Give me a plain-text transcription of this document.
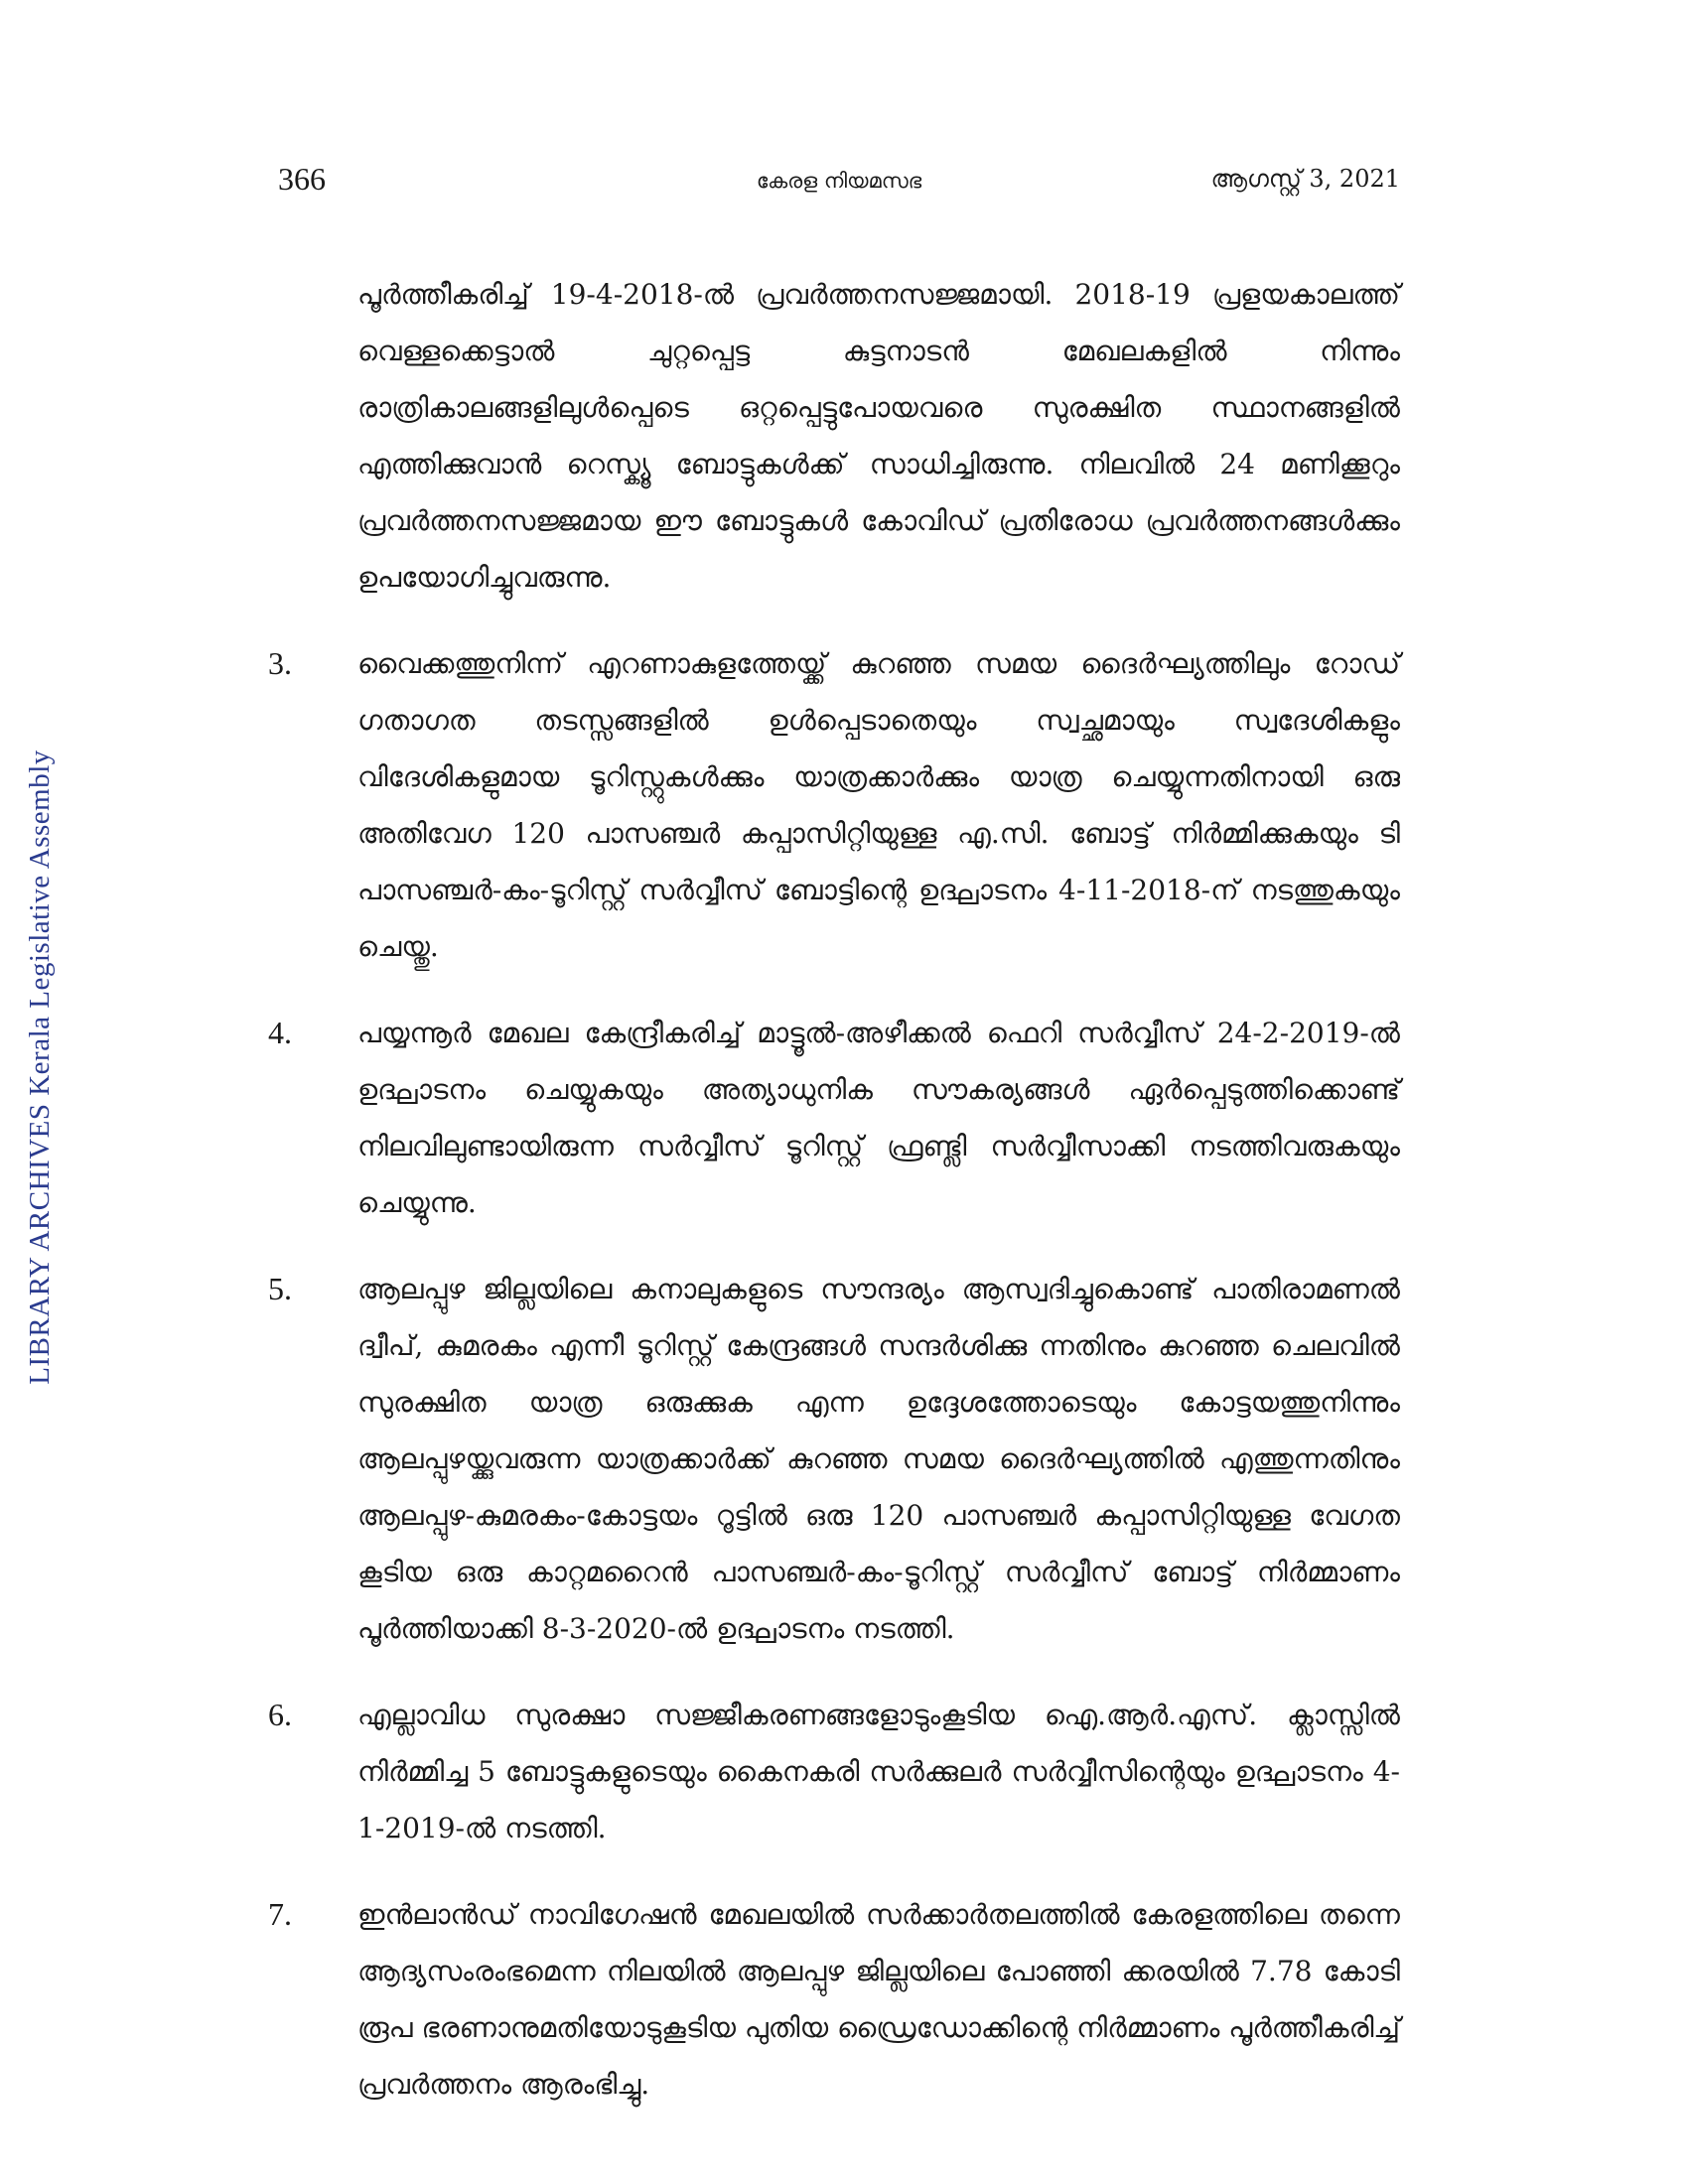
LIBRARY ARCHIVES Kerala Legislative Assembly
366	കേരള നിയമസഭ	ആഗസ്റ്റ് 3, 2021

പൂർത്തീകരിച്ച് 19-4-2018-ൽ പ്രവർത്തനസജ്ജമായി. 2018-19 പ്രളയകാലത്ത് വെള്ളക്കെട്ടാൽ ചുറ്റപ്പെട്ട കുട്ടനാടൻ മേഖലകളിൽ നിന്നും രാത്രികാലങ്ങളിലുൾപ്പെടെ ഒറ്റപ്പെട്ടുപോയവരെ സുരക്ഷിത സ്ഥാനങ്ങളിൽ എത്തിക്കുവാൻ റെസ്ക്യൂ ബോട്ടുകൾക്ക് സാധിച്ചിരുന്നു. നിലവിൽ 24 മണിക്കൂറും പ്രവർത്തനസജ്ജമായ ഈ ബോട്ടുകൾ കോവിഡ് പ്രതിരോധ പ്രവർത്തനങ്ങൾക്കും ഉപയോഗിച്ചുവരുന്നു.

3. വൈക്കത്തുനിന്ന് എറണാകുളത്തേയ്ക്ക് കുറഞ്ഞ സമയ ദൈർഘ്യത്തിലും റോഡ് ഗതാഗത തടസ്സങ്ങളിൽ ഉൾപ്പെടാതെയും സ്വച്ഛമായും സ്വദേശികളും വിദേശികളുമായ ടൂറിസ്റ്റുകൾക്കും യാത്രക്കാർക്കും യാത്ര ചെയ്യുന്നതിനായി ഒരു അതിവേഗ 120 പാസഞ്ചർ കപ്പാസിറ്റിയുള്ള എ.സി. ബോട്ട് നിർമ്മിക്കുകയും ടി പാസഞ്ചർ-കം-ടൂറിസ്റ്റ് സർവ്വീസ് ബോട്ടിന്റെ ഉദ്ഘാടനം 4-11-2018-ന് നടത്തുകയും ചെയ്തു.

4. പയ്യന്നൂർ മേഖല കേന്ദ്രീകരിച്ച് മാട്ടൂൽ-അഴീക്കൽ ഫെറി സർവ്വീസ് 24-2-2019-ൽ ഉദ്ഘാടനം ചെയ്യുകയും അത്യാധുനിക സൗകര്യങ്ങൾ ഏർപ്പെടുത്തിക്കൊണ്ട് നിലവിലുണ്ടായിരുന്ന സർവ്വീസ് ടൂറിസ്റ്റ് ഫ്രണ്ട്ലി സർവ്വീസാക്കി നടത്തിവരുകയും ചെയ്യുന്നു.

5. ആലപ്പുഴ ജില്ലയിലെ കനാലുകളുടെ സൗന്ദര്യം ആസ്വദിച്ചുകൊണ്ട് പാതിരാമണൽ ദ്വീപ്, കുമരകം എന്നീ ടൂറിസ്റ്റ് കേന്ദ്രങ്ങൾ സന്ദർശിക്കു ന്നതിനും കുറഞ്ഞ ചെലവിൽ സുരക്ഷിത യാത്ര ഒരുക്കുക എന്ന ഉദ്ദേശത്തോടെയും കോട്ടയത്തുനിന്നും ആലപ്പുഴയ്ക്കുവരുന്ന യാത്രക്കാർക്ക് കുറഞ്ഞ സമയ ദൈർഘ്യത്തിൽ എത്തുന്നതിനും ആലപ്പുഴ-കുമരകം-കോട്ടയം റൂട്ടിൽ ഒരു 120 പാസഞ്ചർ കപ്പാസിറ്റിയുള്ള വേഗത കൂടിയ ഒരു കാറ്റമറൈൻ പാസഞ്ചർ-കം-ടൂറിസ്റ്റ് സർവ്വീസ് ബോട്ട് നിർമ്മാണം പൂർത്തിയാക്കി 8-3-2020-ൽ ഉദ്ഘാടനം നടത്തി.

6. എല്ലാവിധ സുരക്ഷാ സജ്ജീകരണങ്ങളോടുംകൂടിയ ഐ.ആർ.എസ്. ക്ലാസ്സിൽ നിർമ്മിച്ച 5 ബോട്ടുകളുടെയും കൈനകരി സർക്കുലർ സർവ്വീസിന്റെയും ഉദ്ഘാടനം 4-1-2019-ൽ നടത്തി.

7. ഇൻലാൻഡ് നാവിഗേഷൻ മേഖലയിൽ സർക്കാർതലത്തിൽ കേരളത്തിലെ തന്നെ ആദ്യസംരംഭമെന്ന നിലയിൽ ആലപ്പുഴ ജില്ലയിലെ പോഞ്ഞി ക്കരയിൽ 7.78 കോടി രൂപ ഭരണാനുമതിയോടുകൂടിയ പുതിയ ഡ്രൈഡോക്കിന്റെ നിർമ്മാണം പൂർത്തീകരിച്ച് പ്രവർത്തനം ആരംഭിച്ചു.
